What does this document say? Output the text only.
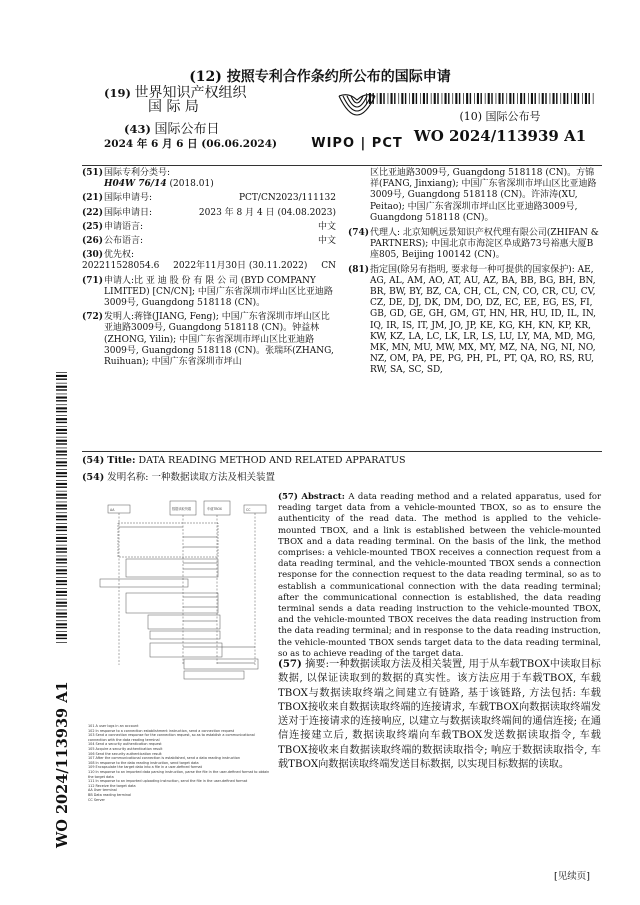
(12) 按照专利合作条约所公布的国际申请
(19) 世界知识产权组织
国 际 局
(43) 国际公布日
2024 年 6 月 6 日 (06.06.2024)	WIPO | PCT
(10) 国际公布号
WO 2024/113939 A1
(51) 国际专利分类号:
H04W 76/14 (2018.01)
(21) 国际申请号:	PCT/CN2023/111132
(22) 国际申请日:	2023 年 8 月 4 日 (04.08.2023)
(25) 申请语言:	中文
(26) 公布语言:	中文
(30) 优先权:
202211528054.6 2022年11月30日 (30.11.2022) CN
(71) 申请人:比 亚 迪 股 份 有 限 公 司 (BYD COMPANY LIMITED) [CN/CN]; 中国广东省深圳市坪山区比亚迪路3009号, Guangdong 518118 (CN)。
(72) 发明人:蒋锋(JIANG, Feng); 中国广东省深圳市坪山区比亚迪路3009号, Guangdong 518118 (CN)。钟益林(ZHONG, Yilin); 中国广东省深圳市坪山区比亚迪路3009号, Guangdong 518118 (CN)。张瑞环(ZHANG, Ruihuan); 中国广东省深圳市坪山
区比亚迪路3009号, Guangdong 518118 (CN)。方锦祥(FANG, Jinxiang); 中国广东省深圳市坪山区比亚迪路3009号, Guangdong 518118 (CN)。许沛涛(XU, Peitao); 中国广东省深圳市坪山区比亚迪路3009号, Guangdong 518118 (CN)。
(74) 代理人: 北京知帆远景知识产权代理有限公司(ZHIFAN & PARTNERS); 中国北京市海淀区阜成路73号裕惠大厦B座805, Beijing 100142 (CN)。
(81) 指定国(除另有指明, 要求每一种可提供的国家保护): AE, AG, AL, AM, AO, AT, AU, AZ, BA, BB, BG, BH, BN, BR, BW, BY, BZ, CA, CH, CL, CN, CO, CR, CU, CV, CZ, DE, DJ, DK, DM, DO, DZ, EC, EE, EG, ES, FI, GB, GD, GE, GH, GM, GT, HN, HR, HU, ID, IL, IN, IQ, IR, IS, IT, JM, JO, JP, KE, KG, KH, KN, KP, KR, KW, KZ, LA, LC, LK, LR, LS, LU, LY, MA, MD, MG, MK, MN, MU, MW, MX, MY, MZ, NA, NG, NI, NO, NZ, OM, PA, PE, PG, PH, PL, PT, QA, RO, RS, RU, RW, SA, SC, SD,
(54) Title: DATA READING METHOD AND RELATED APPARATUS
(54) 发明名称: 一种数据读取方法及相关装置
AA	数据读取终端	车载TBOX	CC
101 A user logs in an account
102 In response to a connection establishment instruction, send a connection request
103 Send a connection response for the connection request, so as to establish a communicational connection with the data reading terminal
104 Send a security authentication request
105 Acquire a security authentication result
106 Send the security authentication result
107 After the communicational connection is established, send a data reading instruction
108 In response to the data reading instruction, send target data
109 Encapsulate the target data into a file in a user-defined format
110 In response to an imported data parsing instruction, parse the file in the user-defined format to obtain the target data
111 In response to an imported uploading instruction, send the file in the user-defined format
112 Receive the target data
AA User terminal
BB Data reading terminal
CC Server
(57) Abstract: A data reading method and a related apparatus, used for reading target data from a vehicle-mounted TBOX, so as to ensure the authenticity of the read data. The method is applied to the vehicle-mounted TBOX, and a link is established between the vehicle-mounted TBOX and a data reading terminal. On the basis of the link, the method comprises: a vehicle-mounted TBOX receives a connection request from a data reading terminal, and the vehicle-mounted TBOX sends a connection response for the connection request to the data reading terminal, so as to establish a communicational connection with the data reading terminal; after the communicational connection is established, the data reading terminal sends a data reading instruction to the vehicle-mounted TBOX, and the vehicle-mounted TBOX receives the data reading instruction from the data reading terminal; and in response to the data reading instruction, the vehicle-mounted TBOX sends target data to the data reading terminal, so as to achieve reading of the target data.
(57) 摘要:一种数据读取方法及相关装置, 用于从车载TBOX中读取目标数据, 以保证读取到的数据的真实性。该方法应用于车载TBOX, 车载TBOX与数据读取终端之间建立有链路, 基于该链路, 方法包括: 车载TBOX接收来自数据读取终端的连接请求, 车载TBOX向数据读取终端发送对于连接请求的连接响应, 以建立与数据读取终端间的通信连接; 在通信连接建立后, 数据读取终端向车载TBOX发送数据读取指令, 车载TBOX接收来自数据读取终端的数据读取指令; 响应于数据读取指令, 车载TBOX向数据读取终端发送目标数据, 以实现目标数据的读取。
WO 2024/113939 A1
[见续页]
